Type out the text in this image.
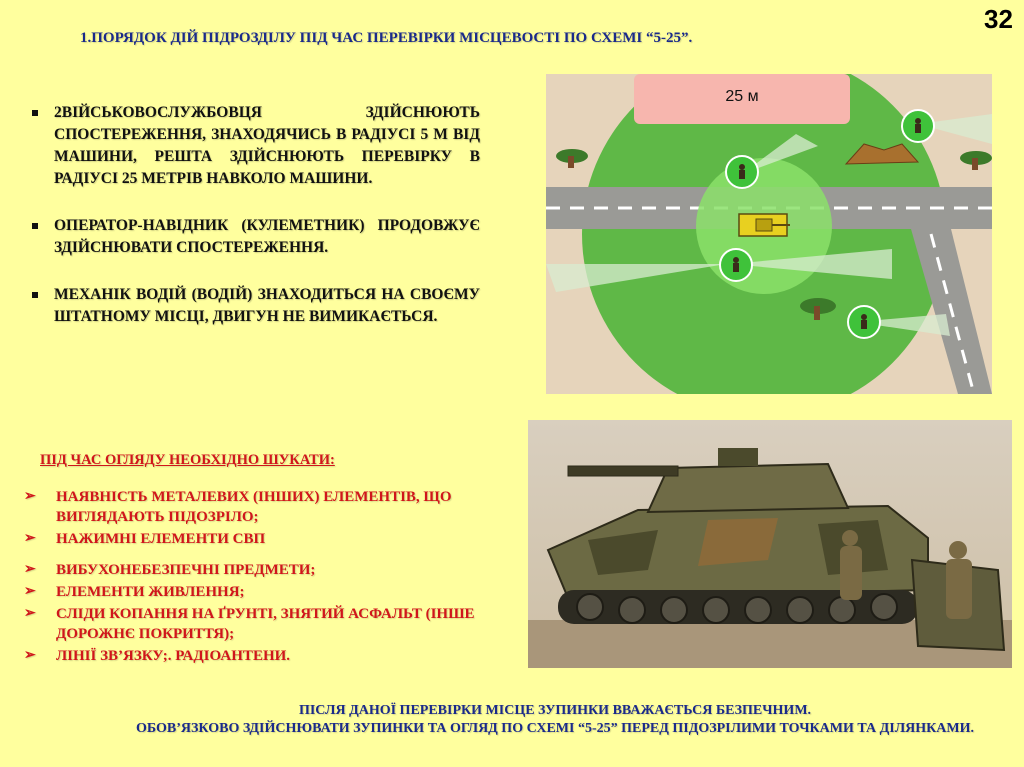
32
1.ПОРЯДОК ДІЙ ПІДРОЗДІЛУ ПІД ЧАС ПЕРЕВІРКИ МІСЦЕВОСТІ ПО СХЕМІ “5-25”.
2ВІЙСЬКОВОСЛУЖБОВЦЯ ЗДІЙСНЮЮТЬ СПОСТЕРЕЖЕННЯ, ЗНАХОДЯЧИСЬ В РАДІУСІ 5 М ВІД МАШИНИ, РЕШТА ЗДІЙСНЮЮТЬ ПЕРЕВІРКУ В РАДІУСІ 25 МЕТРІВ НАВКОЛО МАШИНИ.
ОПЕРАТОР-НАВІДНИК (КУЛЕМЕТНИК) ПРОДОВЖУЄ ЗДІЙСНЮВАТИ СПОСТЕРЕЖЕННЯ.
МЕХАНІК ВОДІЙ (ВОДІЙ) ЗНАХОДИТЬСЯ НА СВОЄМУ ШТАТНОМУ МІСЦІ, ДВИГУН НЕ ВИМИКАЄТЬСЯ.
ПІД ЧАС ОГЛЯДУ НЕОБХІДНО ШУКАТИ:
➢ НАЯВНІСТЬ МЕТАЛЕВИХ (ІНШИХ) ЕЛЕМЕНТІВ, ЩО ВИГЛЯДАЮТЬ ПІДОЗРІЛО;
➢ НАЖИМНІ ЕЛЕМЕНТИ СВП
➢ ВИБУХОНЕБЕЗПЕЧНІ ПРЕДМЕТИ;
➢ ЕЛЕМЕНТИ ЖИВЛЕННЯ;
➢ СЛІДИ КОПАННЯ НА ҐРУНТІ, ЗНЯТИЙ АСФАЛЬТ (ІНШЕ ДОРОЖНЄ ПОКРИТТЯ);
➢ ЛІНІЇ ЗВ’ЯЗКУ;. РАДІОАНТЕНИ.
25 м
ПІСЛЯ ДАНОЇ ПЕРЕВІРКИ МІСЦЕ ЗУПИНКИ ВВАЖАЄТЬСЯ БЕЗПЕЧНИМ.
ОБОВ’ЯЗКОВО ЗДІЙСНЮВАТИ ЗУПИНКИ ТА ОГЛЯД ПО СХЕМІ “5-25” ПЕРЕД ПІДОЗРІЛИМИ ТОЧКАМИ ТА ДІЛЯНКАМИ.
